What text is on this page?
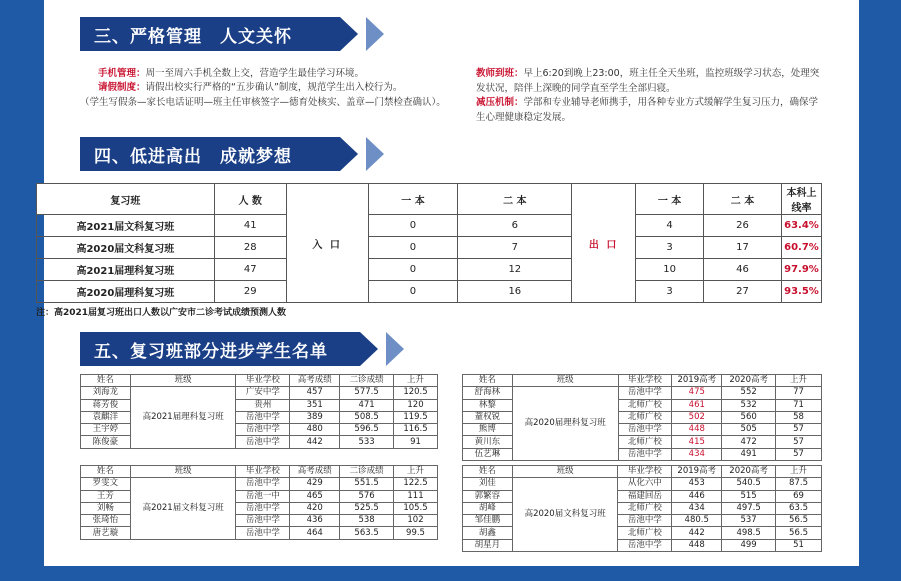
三、严格管理　人文关怀
手机管理：周一至周六手机全数上交，营造学生最佳学习环境。
请假制度：请假出校实行严格的“五步确认”制度，规范学生出入校行为。
（学生写假条—家长电话证明—班主任审核签字—德育处核实、盖章—门禁检查确认）。
教师到班：早上6:20到晚上23:00，班主任全天坐班，监控班级学习状态，处理突发状况，陪伴上深晚的同学直至学生全部归寝。
减压机制：学部和专业辅导老师携手，用各种专业方式缓解学生复习压力，确保学生心理健康稳定发展。
四、低进高出　成就梦想
复习班	人 数	入 口	一 本	二 本	出 口	一 本	二 本	本科上线率
高2021届文科复习班	41		0	6		4	26	63.4%
高2020届文科复习班	28		0	7		3	17	60.7%
高2021届理科复习班	47		0	12		10	46	97.9%
高2020届理科复习班	29		0	16		3	27	93.5%
注：高2021届复习班出口人数以广安市二诊考试成绩预测人数
五、复习班部分进步学生名单
姓名	班级	毕业学校	高考成绩	二诊成绩	上升
刘海龙	高2021届理科复习班	广安中学	457	577.5	120.5
蒋芳俊		贵州	351	471	120
袁麒洋		岳池中学	389	508.5	119.5
王宇婷		岳池中学	480	596.5	116.5
陈俊豪		岳池中学	442	533	91
姓名	班级	毕业学校	高考成绩	二诊成绩	上升
罗雯文	高2021届文科复习班	岳池中学	429	551.5	122.5
王芳		岳池一中	465	576	111
刘畅		岳池中学	420	525.5	105.5
张琦怡		岳池中学	436	538	102
唐艺璇		岳池中学	464	563.5	99.5
姓名	班级	毕业学校	2019高考	2020高考	上升
舒海林	高2020届理科复习班	岳池中学	475	552	77
林黎		北师广校	461	532	71
蕫权锐		北师广校	502	560	58
熊博		岳池中学	448	505	57
黄川东		北师广校	415	472	57
伍艺琳		岳池中学	434	491	57
姓名	班级	毕业学校	2019高考	2020高考	上升
刘佳	高2020届文科复习班	从化六中	453	540.5	87.5
郭繁容		福建回岳	446	515	69
胡峰		北师广校	434	497.5	63.5
邹佳鹏		岳池中学	480.5	537	56.5
胡鑫		北师广校	442	498.5	56.5
胡星月		岳池中学	448	499	51
